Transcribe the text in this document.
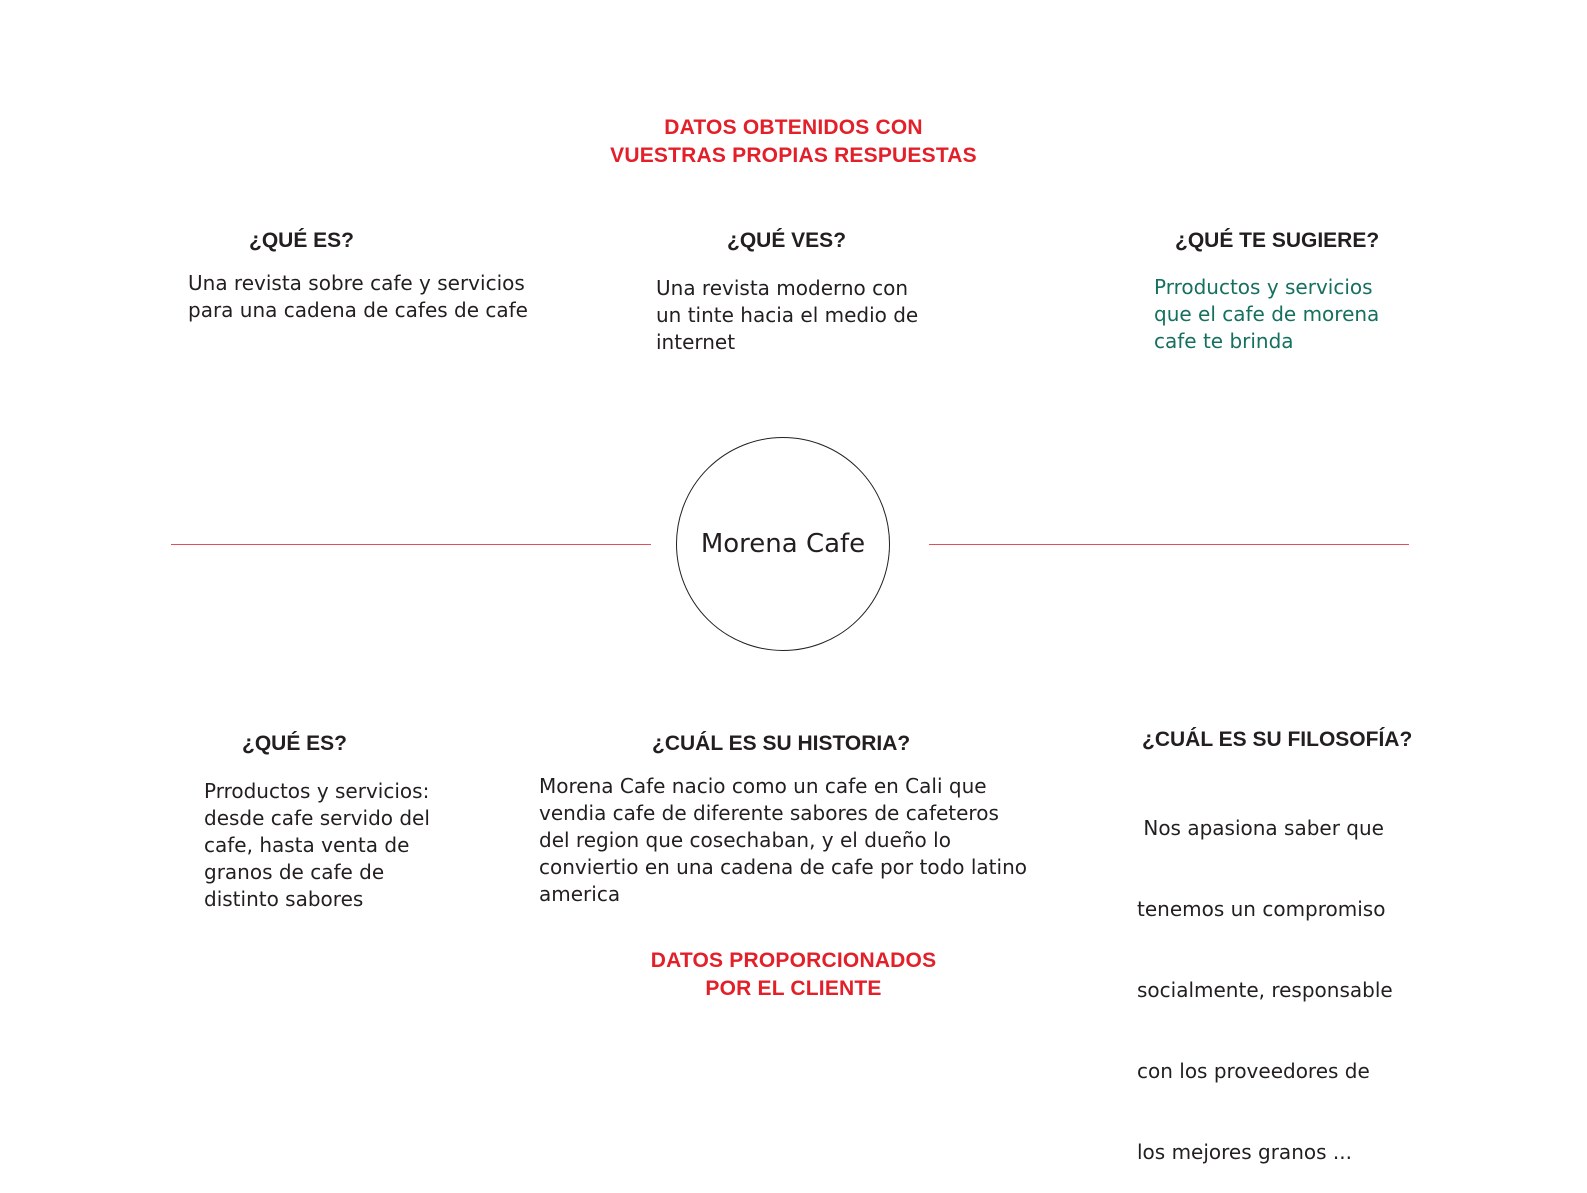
DATOS OBTENIDOS CON
VUESTRAS PROPIAS RESPUESTAS
¿QUÉ ES?
Una revista sobre cafe y servicios
para una cadena de cafes de cafe
¿QUÉ VES?
Una revista moderno con
un tinte hacia el medio de
internet
¿QUÉ TE SUGIERE?
Prroductos y servicios
que el cafe de morena
cafe te brinda
Morena Cafe
¿QUÉ ES?
Prroductos y servicios:
desde cafe servido del
cafe, hasta venta de
granos de cafe de
distinto sabores
¿CUÁL ES SU HISTORIA?
Morena Cafe nacio como un cafe en Cali que
vendia cafe de diferente sabores de cafeteros
del region que cosechaban, y el dueño lo
conviertio en una cadena de cafe por todo latino
america
¿CUÁL ES SU FILOSOFÍA?

Nos apasiona saber que

tenemos un compromiso

socialmente, responsable

con los proveedores de

los mejores granos ...

DATOS PROPORCIONADOS
POR EL CLIENTE
